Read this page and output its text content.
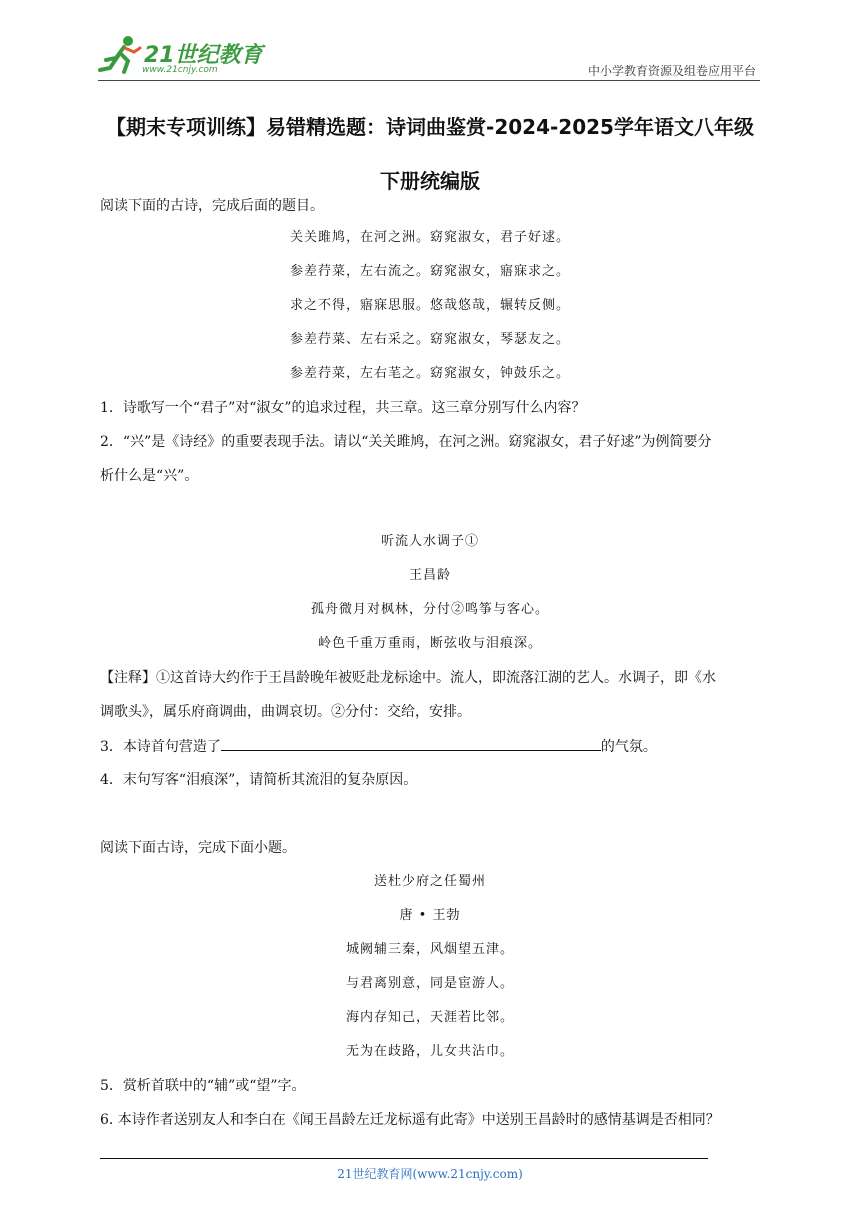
21世纪教育
www.21cnjy.com	中小学教育资源及组卷应用平台
【期末专项训练】易错精选题：诗词曲鉴赏-2024-2025学年语文八年级下册统编版
阅读下面的古诗，完成后面的题目。
关关雎鸠，在河之洲。窈窕淑女，君子好逑。
参差荇菜，左右流之。窈窕淑女，寤寐求之。
求之不得，寤寐思服。悠哉悠哉，辗转反侧。
参差荇菜、左右采之。窈窕淑女，琴瑟友之。
参差荇菜，左右芼之。窈窕淑女，钟鼓乐之。
1．诗歌写一个“君子”对“淑女”的追求过程，共三章。这三章分别写什么内容？
2．“兴”是《诗经》的重要表现手法。请以“关关雎鸠，在河之洲。窈窕淑女，君子好逑”为例简要分
析什么是“兴”。
听流人水调子①
王昌龄
孤舟微月对枫林，分付②鸣筝与客心。
岭色千重万重雨，断弦收与泪痕深。
【注释】①这首诗大约作于王昌龄晚年被贬赴龙标途中。流人，即流落江湖的艺人。水调子，即《水
调歌头》，属乐府商调曲，曲调哀切。②分付：交给，安排。
3．本诗首句营造了	的气氛。
4．末句写客“泪痕深”，请简析其流泪的复杂原因。
阅读下面古诗，完成下面小题。
送杜少府之任蜀州
唐 • 王勃
城阙辅三秦，风烟望五津。
与君离别意，同是宦游人。
海内存知己，天涯若比邻。
无为在歧路，儿女共沾巾。
5．赏析首联中的“辅”或“望”字。
6. 本诗作者送别友人和李白在《闻王昌龄左迁龙标遥有此寄》中送别王昌龄时的感情基调是否相同？
21世纪教育网(www.21cnjy.com)
